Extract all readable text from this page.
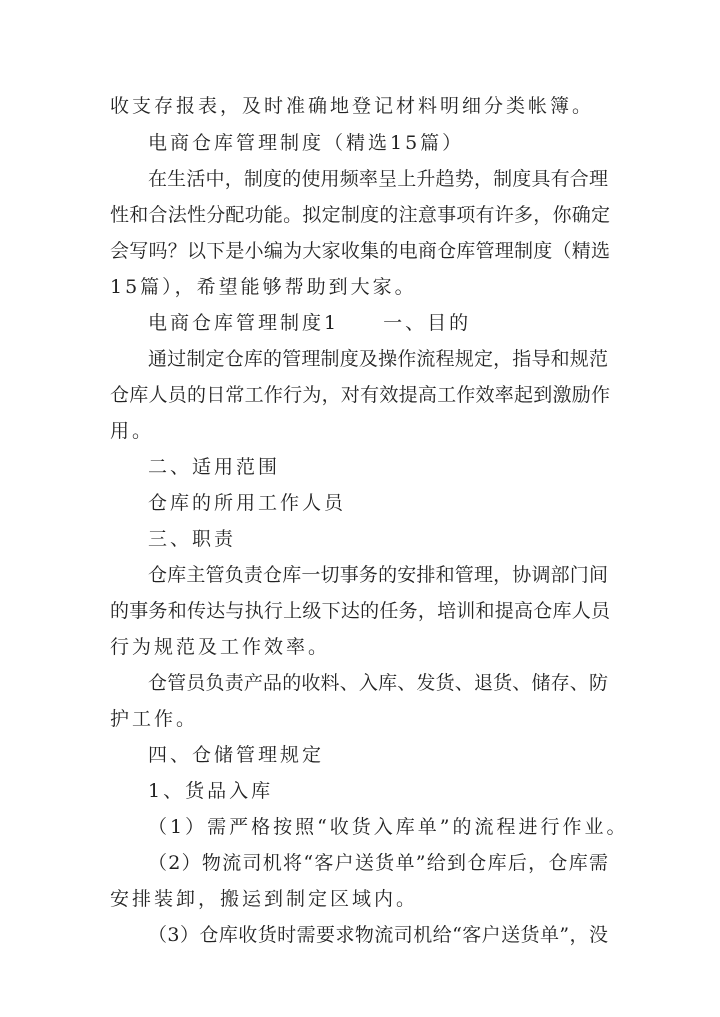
收支存报表，及时准确地登记材料明细分类帐簿。
电商仓库管理制度（精选15篇）
在生活中，制度的使用频率呈上升趋势，制度具有合理
性和合法性分配功能。拟定制度的注意事项有许多，你确定
会写吗？以下是小编为大家收集的电商仓库管理制度（精选
15篇），希望能够帮助到大家。
电商仓库管理制度1　　一、目的
通过制定仓库的管理制度及操作流程规定，指导和规范
仓库人员的日常工作行为，对有效提高工作效率起到激励作
用。
二、适用范围
仓库的所用工作人员
三、职责
仓库主管负责仓库一切事务的安排和管理，协调部门间
的事务和传达与执行上级下达的任务，培训和提高仓库人员
行为规范及工作效率。
仓管员负责产品的收料、入库、发货、退货、储存、防
护工作。
四、仓储管理规定
1、货品入库
（1）需严格按照“收货入库单”的流程进行作业。
（2）物流司机将“客户送货单”给到仓库后，仓库需
安排装卸，搬运到制定区域内。
（3）仓库收货时需要求物流司机给“客户送货单”，没
